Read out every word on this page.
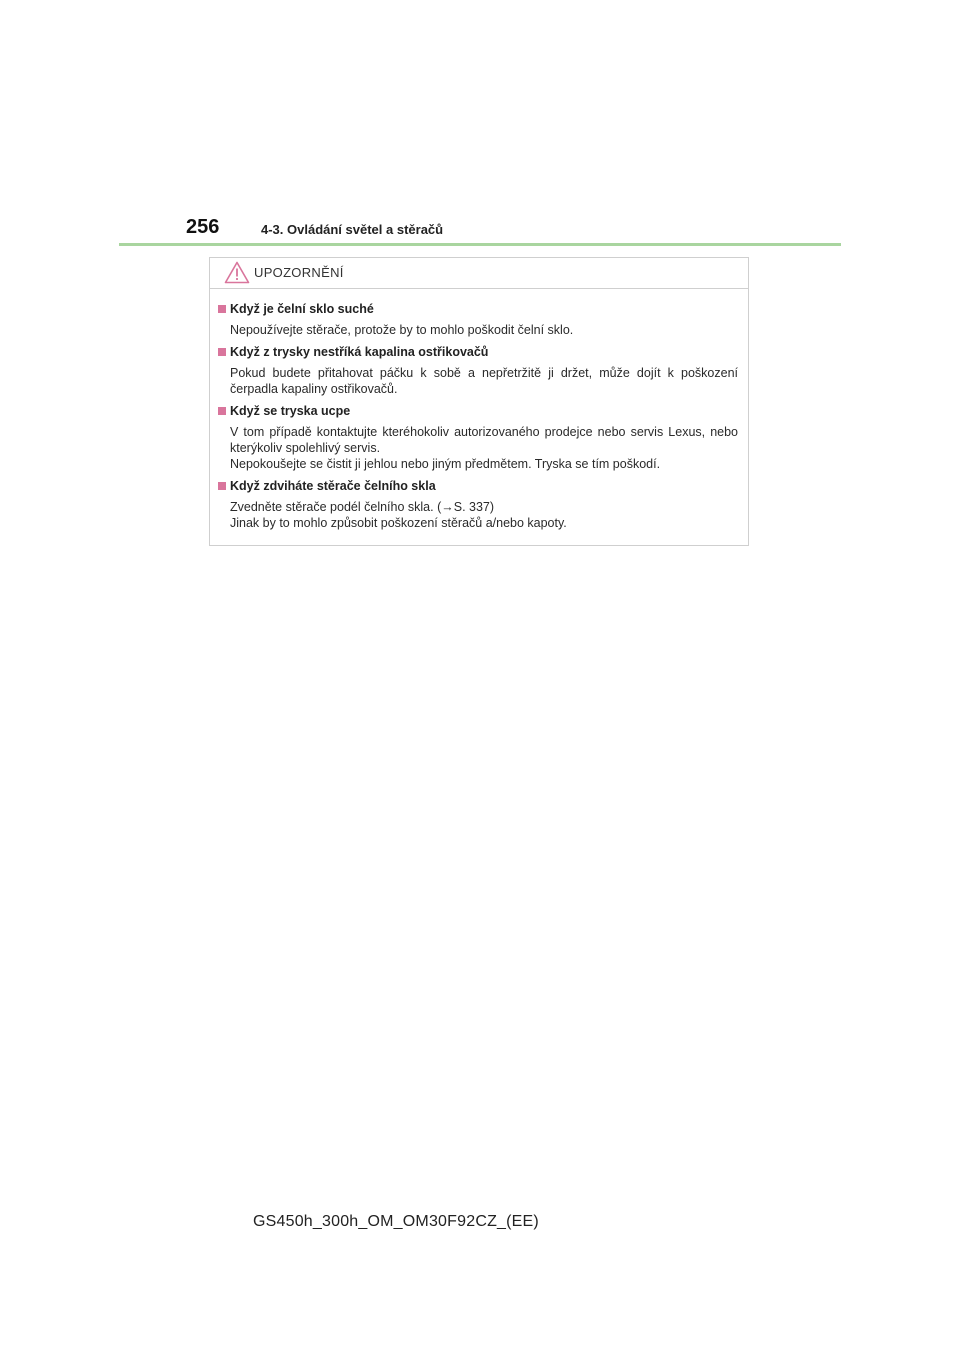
256	4-3. Ovládání světel a stěračů
UPOZORNĚNÍ
Když je čelní sklo suché

Nepoužívejte stěrače, protože by to mohlo poškodit čelní sklo.

Když z trysky nestříká kapalina ostřikovačů

Pokud budete přitahovat páčku k sobě a nepřetržitě ji držet, může dojít k poškození čerpadla kapaliny ostřikovačů.

Když se tryska ucpe

V tom případě kontaktujte kteréhokoliv autorizovaného prodejce nebo servis Lexus, nebo kterýkoliv spolehlivý servis.

Nepokoušejte se čistit ji jehlou nebo jiným předmětem. Tryska se tím poškodí.

Když zdviháte stěrače čelního skla

Zvedněte stěrače podél čelního skla. (→S. 337)

Jinak by to mohlo způsobit poškození stěračů a/nebo kapoty.

GS450h_300h_OM_OM30F92CZ_(EE)
